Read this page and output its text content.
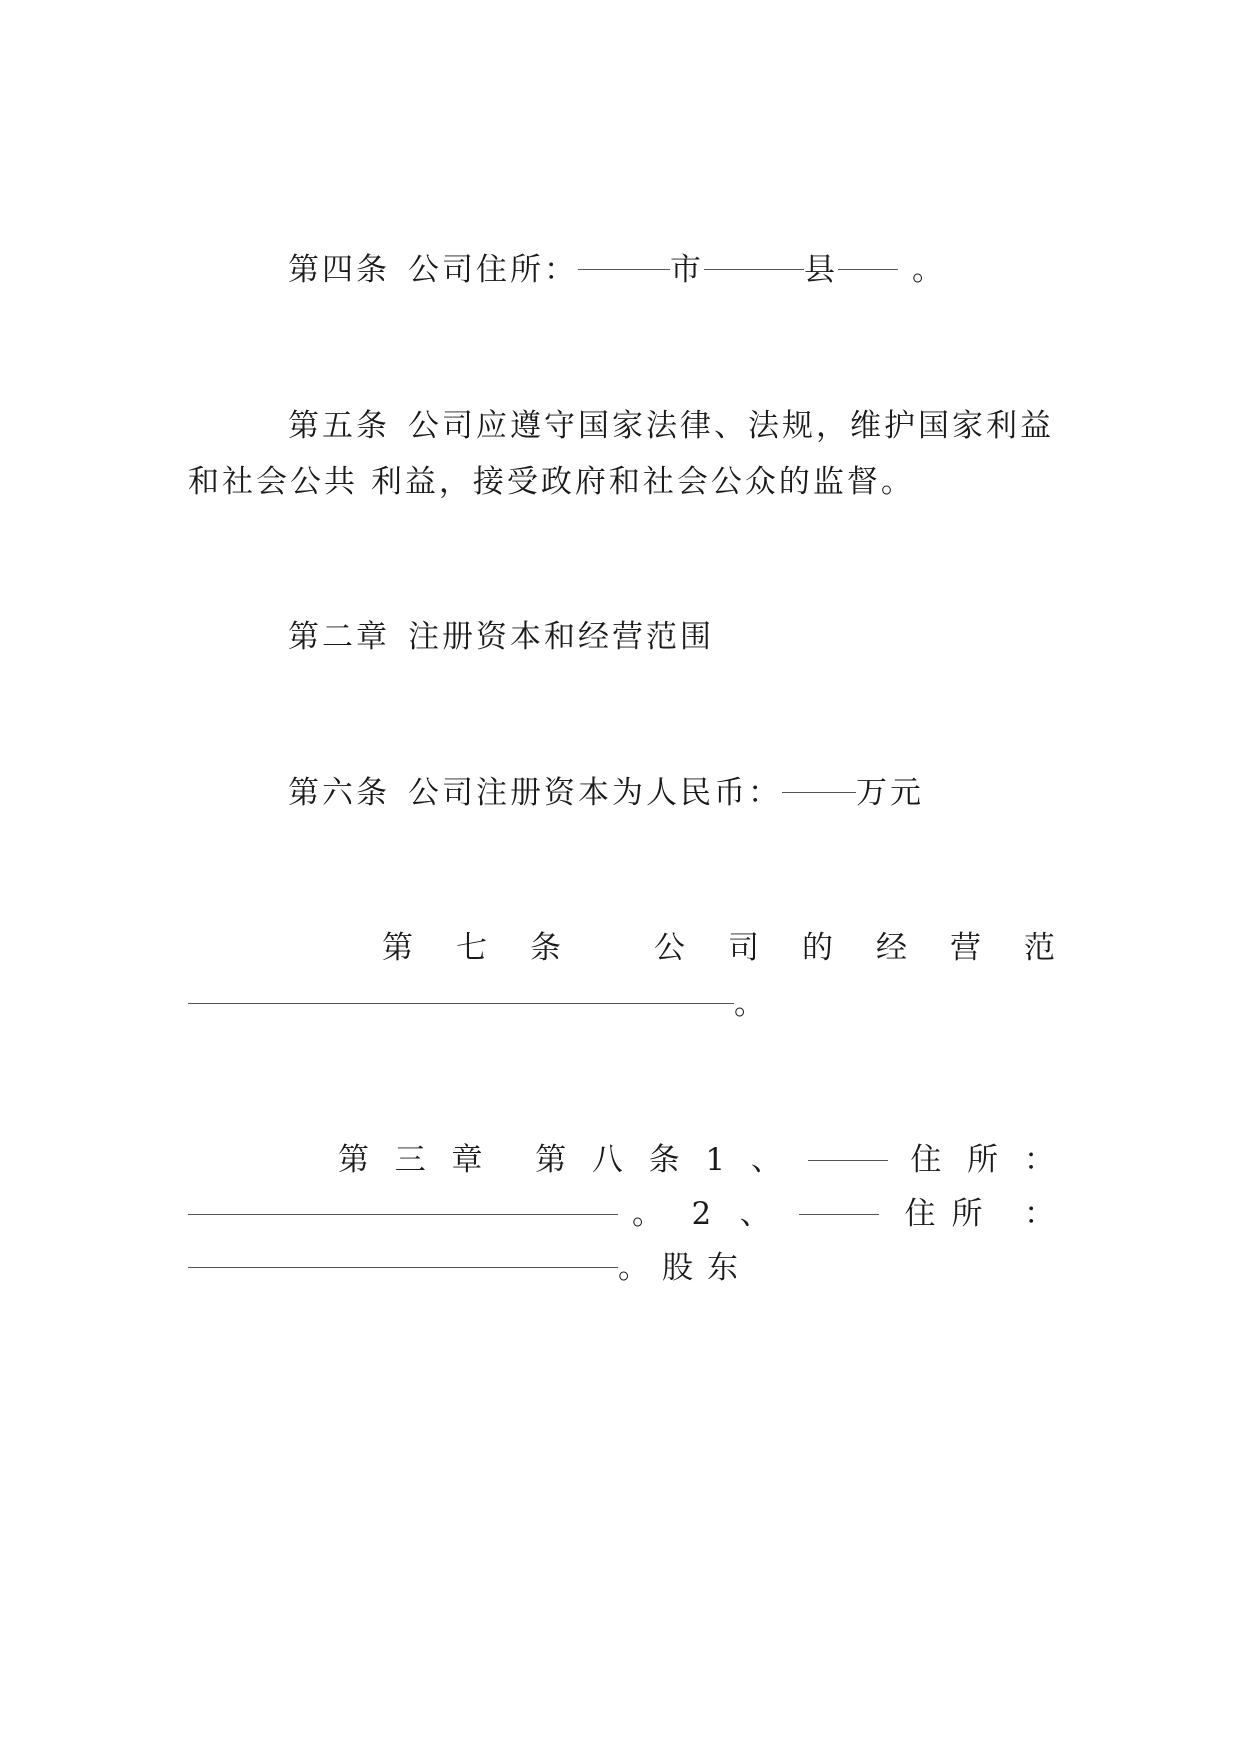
第四条 公司住所：	市	县 。
第五条 公司应遵守国家法律、法规，维护国家利益
和社会公共 利益，接受政府和社会公众的监督。
第二章 注册资本和经营范围
第六条 公司注册资本为人民币： 万元
第 七 条	公 司 的 经 营 范
。
第 三 章 第 八 条 1 、	住 所 ：
。 2 、	住所 ：
。 股东
